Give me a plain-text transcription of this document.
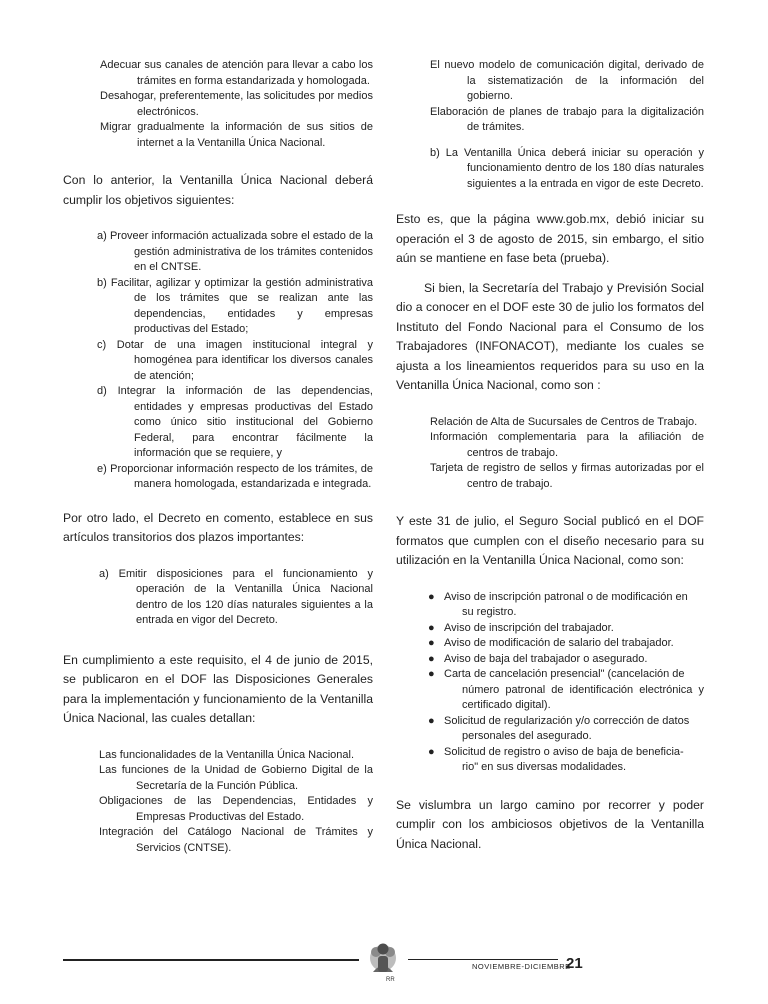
Adecuar sus canales de atención para llevar a cabo los trámites en forma estandarizada y homologada.
Desahogar, preferentemente, las solicitudes por medios electrónicos.
Migrar gradualmente la información de sus sitios de internet a la Ventanilla Única Nacional.

Con lo anterior, la Ventanilla Única Nacional deberá cumplir los objetivos siguientes:

a) Proveer información actualizada sobre el estado de la gestión administrativa de los trámites contenidos en el CNTSE.
b) Facilitar, agilizar y optimizar la gestión administrativa de los trámites que se realizan ante las dependencias, entidades y empresas productivas del Estado;
c) Dotar de una imagen institucional integral y homogénea para identificar los diversos canales de atención;
d) Integrar la información de las dependencias, entidades y empresas productivas del Estado como único sitio institucional del Gobierno Federal, para encontrar fácilmente la información que se requiere, y
e) Proporcionar información respecto de los trámites, de manera homologada, estandarizada e integrada.

Por otro lado, el Decreto en comento, establece en sus artículos transitorios dos plazos importantes:

a) Emitir disposiciones para el funcionamiento y operación de la Ventanilla Única Nacional dentro de los 120 días naturales siguientes a la entrada en vigor del Decreto.

En cumplimiento a este requisito, el 4 de junio de 2015, se publicaron en el DOF las Disposiciones Generales para la implementación y funcionamiento de la Ventanilla Única Nacional, las cuales detallan:

Las funcionalidades de la Ventanilla Única Nacional.
Las funciones de la Unidad de Gobierno Digital de la Secretaría de la Función Pública.
Obligaciones de las Dependencias, Entidades y Empresas Productivas del Estado.
Integración del Catálogo Nacional de Trámites y Servicios (CNTSE).
El nuevo modelo de comunicación digital, derivado de la sistematización de la información del gobierno.
Elaboración de planes de trabajo para la digitalización de trámites.
b) La Ventanilla Única deberá iniciar su operación y funcionamiento dentro de los 180 días naturales siguientes a la entrada en vigor de este Decreto.

Esto es, que la página www.gob.mx, debió iniciar su operación el 3 de agosto de 2015, sin embargo, el sitio aún se mantiene en fase beta (prueba).

Si bien, la Secretaría del Trabajo y Previsión Social dio a conocer en el DOF este 30 de julio los formatos del Instituto del Fondo Nacional para el Consumo de los Trabajadores (INFONACOT), mediante los cuales se ajusta a los lineamientos requeridos para su uso en la Ventanilla Única Nacional, como son :

Relación de Alta de Sucursales de Centros de Trabajo.
Información complementaria para la afiliación de centros de trabajo.
Tarjeta de registro de sellos y firmas autorizadas por el centro de trabajo.

Y este 31 de julio, el Seguro Social publicó en el DOF formatos que cumplen con el diseño necesario para su utilización en la Ventanilla Única Nacional, como son:

● Aviso de inscripción patronal o de modificación en
su registro.
● Aviso de inscripción del trabajador.
● Aviso de modificación de salario del trabajador.
● Aviso de baja del trabajador o asegurado.
● Carta de cancelación presencial" (cancelación de
número patronal de identificación electrónica y certificado digital).
● Solicitud de regularización y/o corrección de datos
personales del asegurado.
● Solicitud de registro o aviso de baja de beneficia-
rio" en sus diversas modalidades.

Se vislumbra un largo camino por recorrer y poder cumplir con los ambiciosos objetivos de la Ventanilla Única Nacional.

RR
NOVIEMBRE-DICIEMBRE
21
